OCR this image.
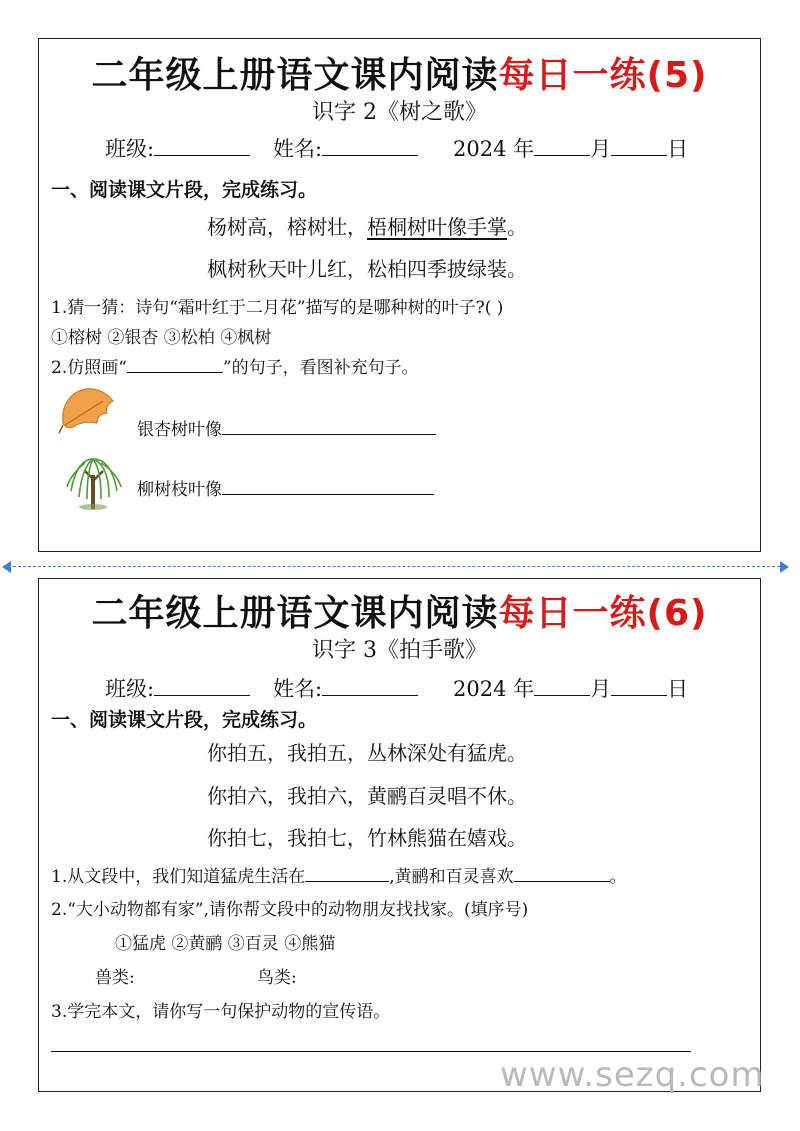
二年级上册语文课内阅读每日一练(5)
识字 2《树之歌》
班级:	姓名:	2024 年	月	日
一、阅读课文片段，完成练习。
杨树高，榕树壮，梧桐树叶像手掌。
枫树秋天叶儿红，松柏四季披绿装。
1.猜一猜：诗句“霜叶红于二月花”描写的是哪种树的叶子?( )
①榕树 ②银杏 ③松柏 ④枫树
2.仿照画“	”的句子，看图补充句子。
银杏树叶像
柳树枝叶像
二年级上册语文课内阅读每日一练(6)
识字 3《拍手歌》
班级:	姓名:	2024 年	月	日
一、阅读课文片段，完成练习。
你拍五，我拍五，丛林深处有猛虎。
你拍六，我拍六，黄鹂百灵唱不休。
你拍七，我拍七，竹林熊猫在嬉戏。
1.从文段中，我们知道猛虎生活在	,黄鹂和百灵喜欢	。
2.“大小动物都有家”,请你帮文段中的动物朋友找找家。(填序号)
①猛虎 ②黄鹂 ③百灵 ④熊猫
兽类:	鸟类:
3.学完本文，请你写一句保护动物的宣传语。
www.sezq.com
